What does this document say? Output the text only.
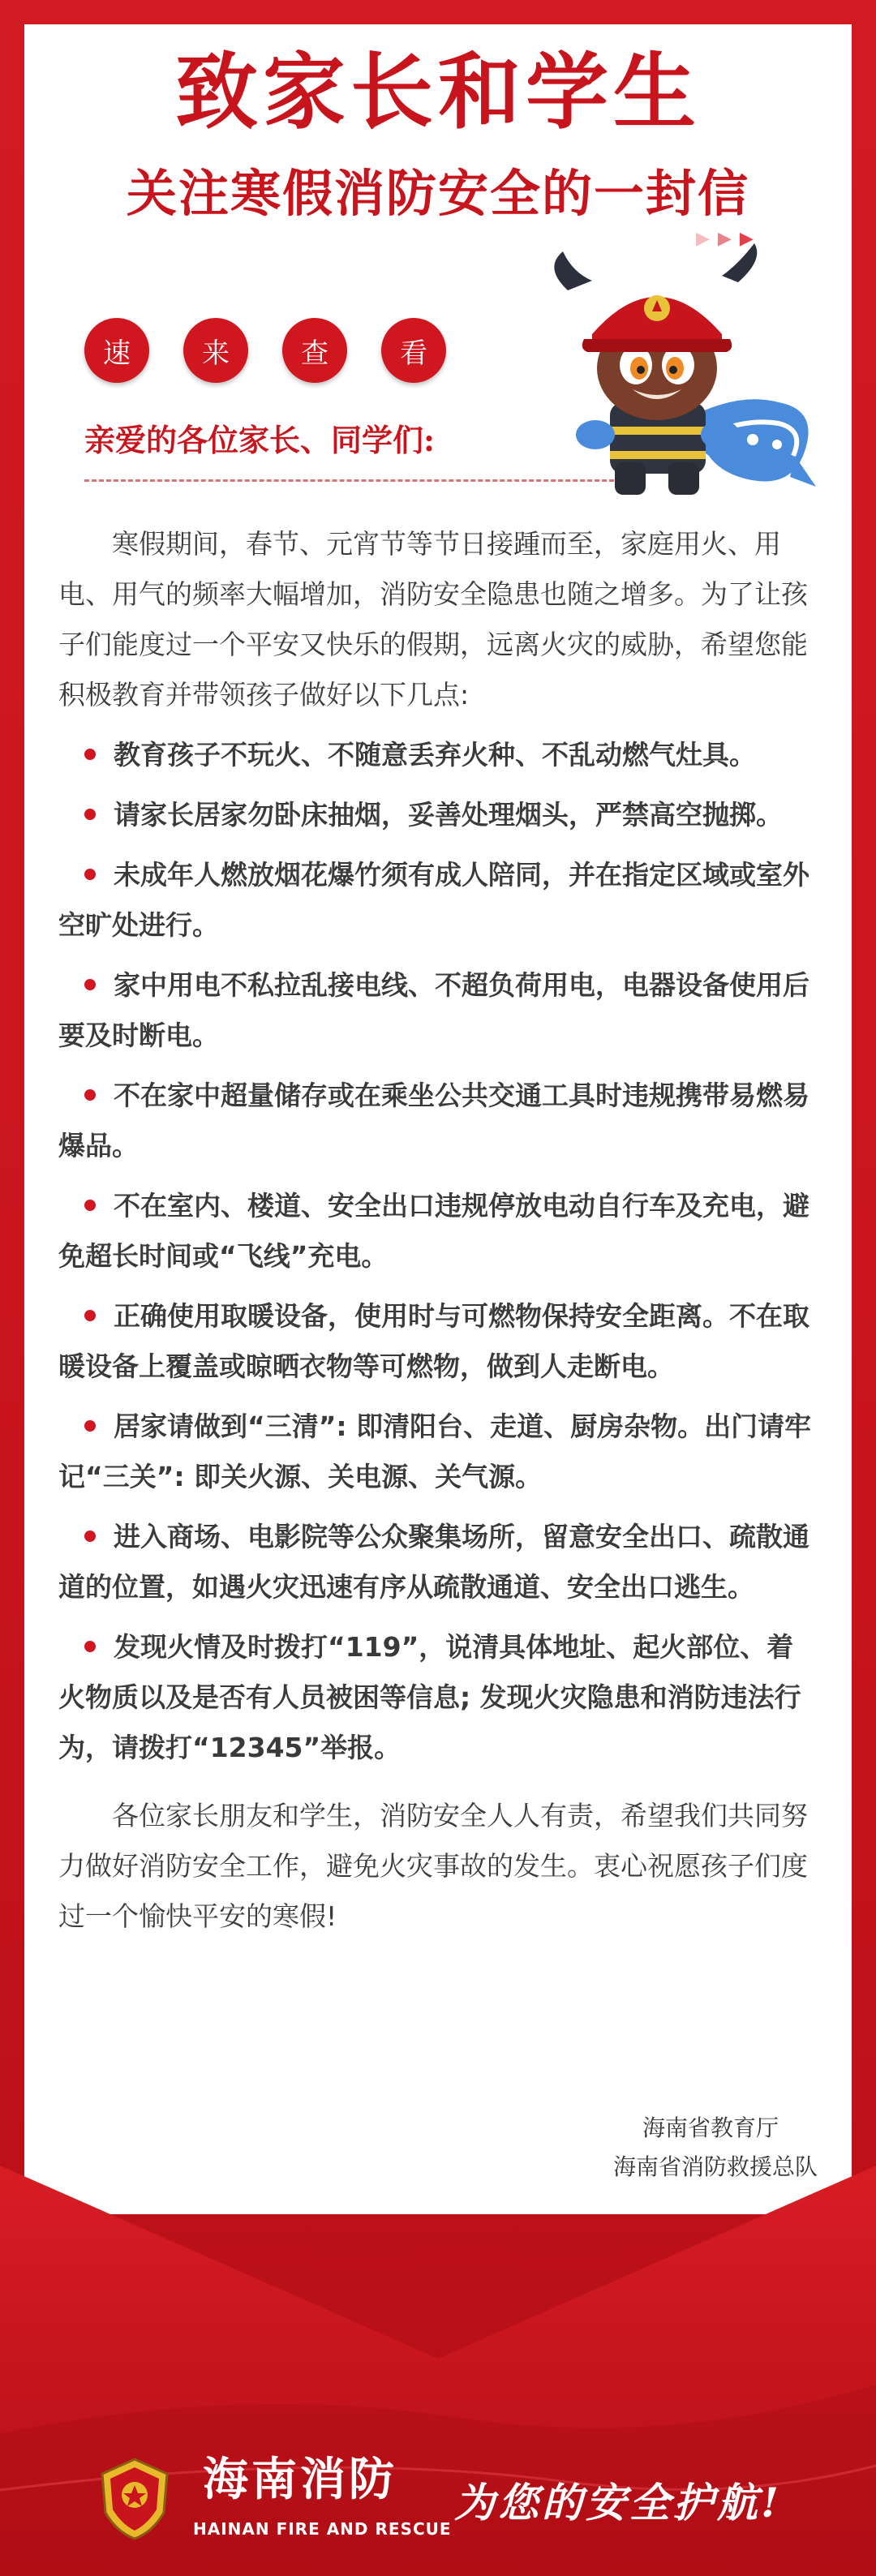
致家长和学生
关注寒假消防安全的一封信
▶▶▶
速	来	查	看
亲爱的各位家长、同学们:

寒假期间，春节、元宵节等节日接踵而至，家庭用火、用电、用气的频率大幅增加，消防安全隐患也随之增多。为了让孩子们能度过一个平安又快乐的假期，远离火灾的威胁，希望您能积极教育并带领孩子做好以下几点:

教育孩子不玩火、不随意丢弃火种、不乱动燃气灶具。
请家长居家勿卧床抽烟，妥善处理烟头，严禁高空抛掷。
未成年人燃放烟花爆竹须有成人陪同，并在指定区域或室外空旷处进行。
家中用电不私拉乱接电线、不超负荷用电，电器设备使用后要及时断电。
不在家中超量储存或在乘坐公共交通工具时违规携带易燃易爆品。
不在室内、楼道、安全出口违规停放电动自行车及充电，避免超长时间或“飞线”充电。
正确使用取暖设备，使用时与可燃物保持安全距离。不在取暖设备上覆盖或晾晒衣物等可燃物，做到人走断电。
居家请做到“三清”: 即清阳台、走道、厨房杂物。出门请牢记“三关”: 即关火源、关电源、关气源。
进入商场、电影院等公众聚集场所，留意安全出口、疏散通道的位置，如遇火灾迅速有序从疏散通道、安全出口逃生。
发现火情及时拨打“119”，说清具体地址、起火部位、着火物质以及是否有人员被困等信息; 发现火灾隐患和消防违法行为，请拨打“12345”举报。

各位家长朋友和学生，消防安全人人有责，希望我们共同努力做好消防安全工作，避免火灾事故的发生。衷心祝愿孩子们度过一个愉快平安的寒假!

海南省教育厅
海南省消防救援总队
海南消防
HAINAN FIRE AND RESCUE
为您的安全护航!
